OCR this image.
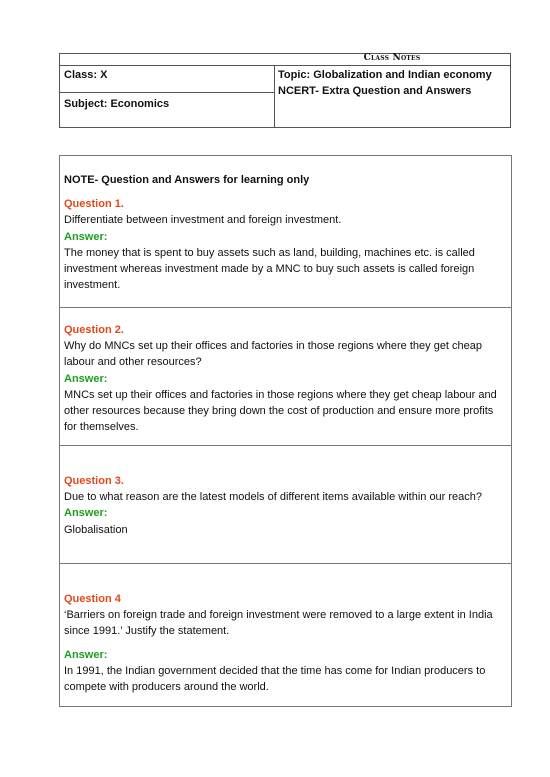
Class Notes
Class: X	Topic: Globalization and Indian economy
NCERT- Extra Question and Answers
Subject: Economics

NOTE- Question and Answers for learning only

Question 1.

Differentiate between investment and foreign investment.

Answer:

The money that is spent to buy assets such as land, building, machines etc. is called investment whereas investment made by a MNC to buy such assets is called foreign investment.

Question 2.

Why do MNCs set up their offices and factories in those regions where they get cheap labour and other resources?

Answer:

MNCs set up their offices and factories in those regions where they get cheap labour and other resources because they bring down the cost of production and ensure more profits for themselves.

Question 3.

Due to what reason are the latest models of different items available within our reach?

Answer:

Globalisation

Question 4

‘Barriers on foreign trade and foreign investment were removed to a large extent in India since 1991.’ Justify the statement.

Answer:

In 1991, the Indian government decided that the time has come for Indian producers to compete with producers around the world.
